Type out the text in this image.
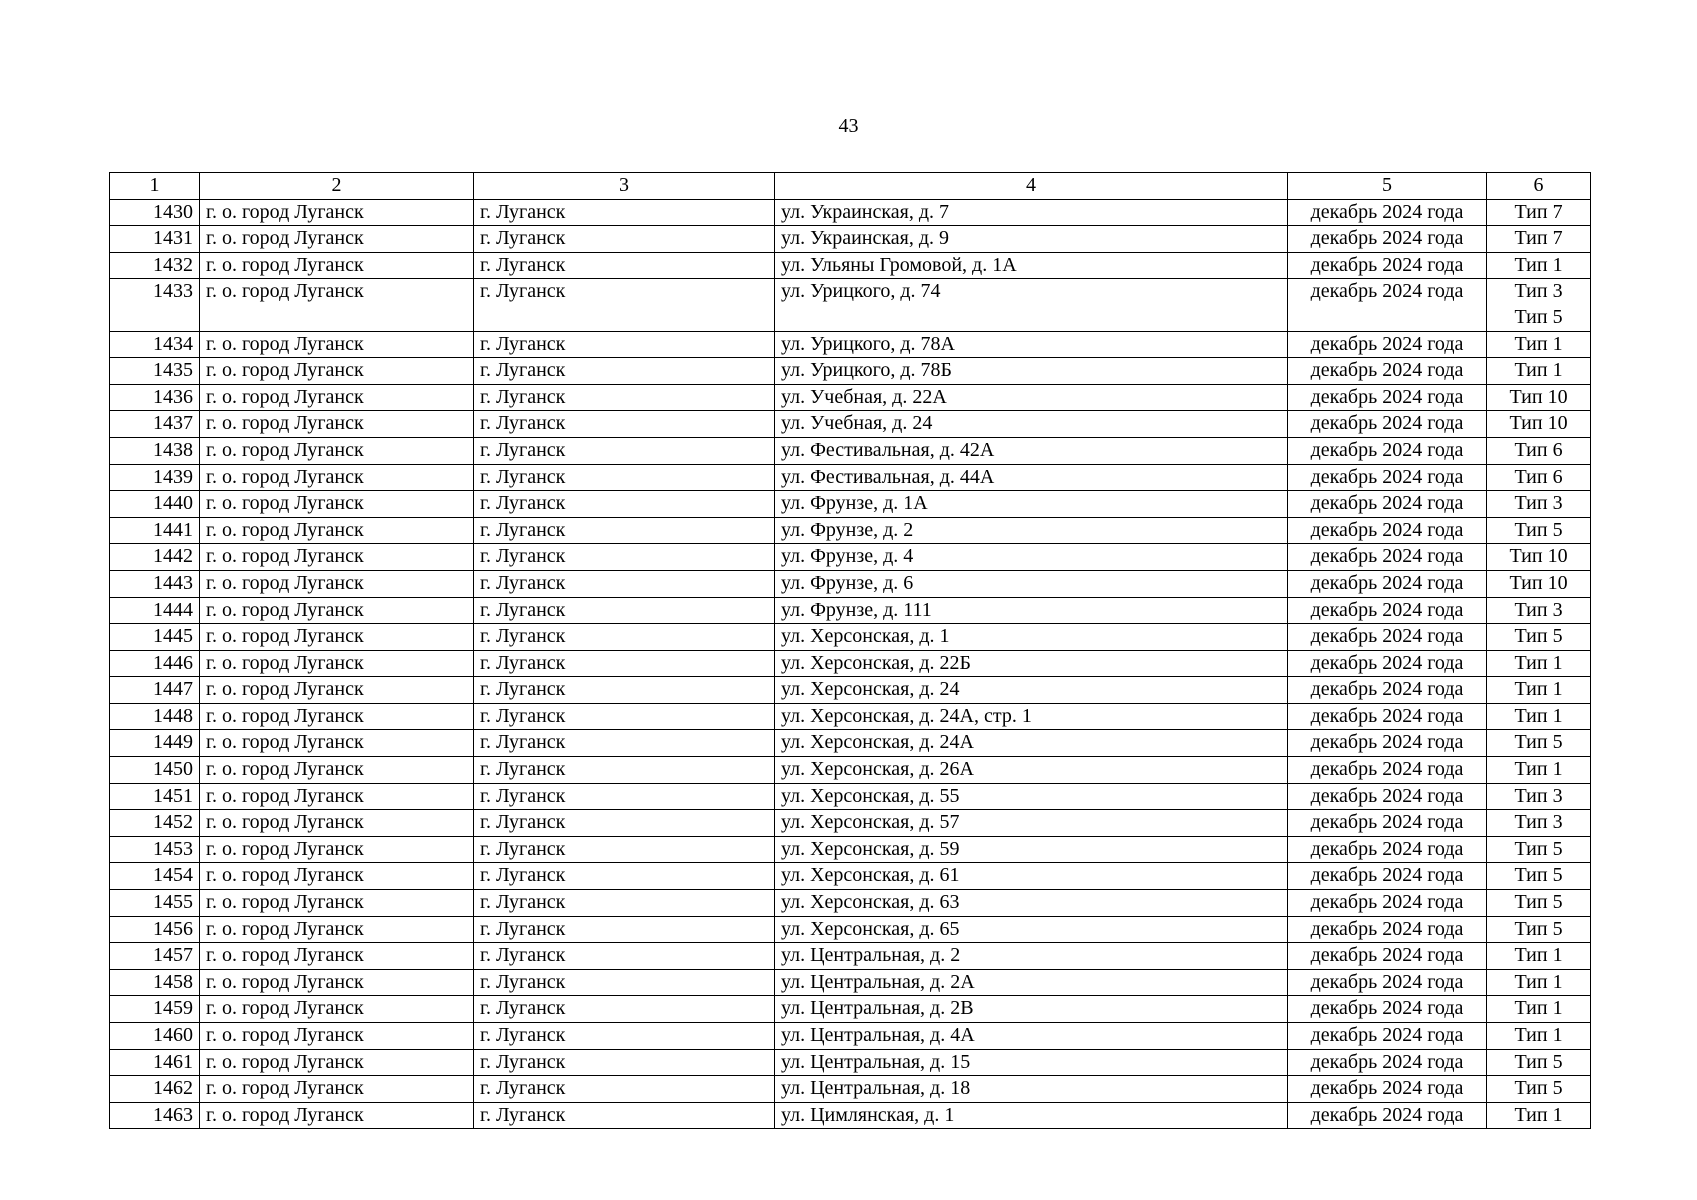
43
1	2	3	4	5	6
1430	г. о. город Луганск	г. Луганск	ул. Украинская, д. 7	декабрь 2024 года	Тип 7

1431	г. о. город Луганск	г. Луганск	ул. Украинская, д. 9	декабрь 2024 года	Тип 7

1432	г. о. город Луганск	г. Луганск	ул. Ульяны Громовой, д. 1А	декабрь 2024 года	Тип 1

1433	г. о. город Луганск	г. Луганск	ул. Урицкого, д. 74	декабрь 2024 года	Тип 3
Тип 5

1434	г. о. город Луганск	г. Луганск	ул. Урицкого, д. 78А	декабрь 2024 года	Тип 1

1435	г. о. город Луганск	г. Луганск	ул. Урицкого, д. 78Б	декабрь 2024 года	Тип 1

1436	г. о. город Луганск	г. Луганск	ул. Учебная, д. 22А	декабрь 2024 года	Тип 10

1437	г. о. город Луганск	г. Луганск	ул. Учебная, д. 24	декабрь 2024 года	Тип 10

1438	г. о. город Луганск	г. Луганск	ул. Фестивальная, д. 42А	декабрь 2024 года	Тип 6

1439	г. о. город Луганск	г. Луганск	ул. Фестивальная, д. 44А	декабрь 2024 года	Тип 6

1440	г. о. город Луганск	г. Луганск	ул. Фрунзе, д. 1А	декабрь 2024 года	Тип 3

1441	г. о. город Луганск	г. Луганск	ул. Фрунзе, д. 2	декабрь 2024 года	Тип 5

1442	г. о. город Луганск	г. Луганск	ул. Фрунзе, д. 4	декабрь 2024 года	Тип 10

1443	г. о. город Луганск	г. Луганск	ул. Фрунзе, д. 6	декабрь 2024 года	Тип 10

1444	г. о. город Луганск	г. Луганск	ул. Фрунзе, д. 111	декабрь 2024 года	Тип 3

1445	г. о. город Луганск	г. Луганск	ул. Херсонская, д. 1	декабрь 2024 года	Тип 5

1446	г. о. город Луганск	г. Луганск	ул. Херсонская, д. 22Б	декабрь 2024 года	Тип 1

1447	г. о. город Луганск	г. Луганск	ул. Херсонская, д. 24	декабрь 2024 года	Тип 1

1448	г. о. город Луганск	г. Луганск	ул. Херсонская, д. 24А, стр. 1	декабрь 2024 года	Тип 1

1449	г. о. город Луганск	г. Луганск	ул. Херсонская, д. 24А	декабрь 2024 года	Тип 5

1450	г. о. город Луганск	г. Луганск	ул. Херсонская, д. 26А	декабрь 2024 года	Тип 1

1451	г. о. город Луганск	г. Луганск	ул. Херсонская, д. 55	декабрь 2024 года	Тип 3

1452	г. о. город Луганск	г. Луганск	ул. Херсонская, д. 57	декабрь 2024 года	Тип 3

1453	г. о. город Луганск	г. Луганск	ул. Херсонская, д. 59	декабрь 2024 года	Тип 5

1454	г. о. город Луганск	г. Луганск	ул. Херсонская, д. 61	декабрь 2024 года	Тип 5

1455	г. о. город Луганск	г. Луганск	ул. Херсонская, д. 63	декабрь 2024 года	Тип 5

1456	г. о. город Луганск	г. Луганск	ул. Херсонская, д. 65	декабрь 2024 года	Тип 5

1457	г. о. город Луганск	г. Луганск	ул. Центральная, д. 2	декабрь 2024 года	Тип 1

1458	г. о. город Луганск	г. Луганск	ул. Центральная, д. 2А	декабрь 2024 года	Тип 1

1459	г. о. город Луганск	г. Луганск	ул. Центральная, д. 2В	декабрь 2024 года	Тип 1

1460	г. о. город Луганск	г. Луганск	ул. Центральная, д. 4А	декабрь 2024 года	Тип 1

1461	г. о. город Луганск	г. Луганск	ул. Центральная, д. 15	декабрь 2024 года	Тип 5

1462	г. о. город Луганск	г. Луганск	ул. Центральная, д. 18	декабрь 2024 года	Тип 5

1463	г. о. город Луганск	г. Луганск	ул. Цимлянская, д. 1	декабрь 2024 года	Тип 1
